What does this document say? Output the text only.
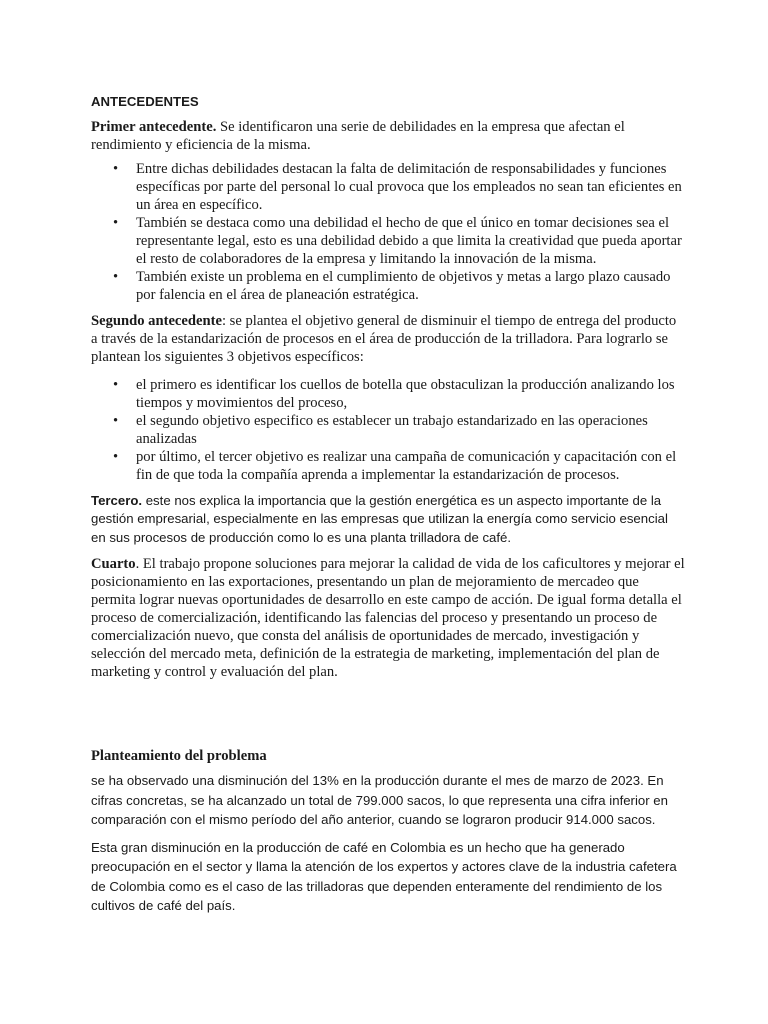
ANTECEDENTES

Primer antecedente. Se identificaron una serie de debilidades en la empresa que afectan el rendimiento y eficiencia de la misma.

• Entre dichas debilidades destacan la falta de delimitación de responsabilidades y funciones específicas por parte del personal lo cual provoca que los empleados no sean tan eficientes en un área en específico.
• También se destaca como una debilidad el hecho de que el único en tomar decisiones sea el representante legal, esto es una debilidad debido a que limita la creatividad que pueda aportar el resto de colaboradores de la empresa y limitando la innovación de la misma.
• También existe un problema en el cumplimiento de objetivos y metas a largo plazo causado por falencia en el área de planeación estratégica.

Segundo antecedente: se plantea el objetivo general de disminuir el tiempo de entrega del producto a través de la estandarización de procesos en el área de producción de la trilladora. Para lograrlo se plantean los siguientes 3 objetivos específicos:

• el primero es identificar los cuellos de botella que obstaculizan la producción analizando los tiempos y movimientos del proceso,
• el segundo objetivo especifico es establecer un trabajo estandarizado en las operaciones analizadas
• por último, el tercer objetivo es realizar una campaña de comunicación y capacitación con el fin de que toda la compañía aprenda a implementar la estandarización de procesos.

Tercero. este nos explica la importancia que la gestión energética es un aspecto importante de la gestión empresarial, especialmente en las empresas que utilizan la energía como servicio esencial en sus procesos de producción como lo es una planta trilladora de café.

Cuarto. El trabajo propone soluciones para mejorar la calidad de vida de los caficultores y mejorar el posicionamiento en las exportaciones, presentando un plan de mejoramiento de mercadeo que permita lograr nuevas oportunidades de desarrollo en este campo de acción. De igual forma detalla el proceso de comercialización, identificando las falencias del proceso y presentando un proceso de comercialización nuevo, que consta del análisis de oportunidades de mercado, investigación y selección del mercado meta, definición de la estrategia de marketing, implementación del plan de marketing y control y evaluación del plan.

Planteamiento del problema

se ha observado una disminución del 13% en la producción durante el mes de marzo de 2023. En cifras concretas, se ha alcanzado un total de 799.000 sacos, lo que representa una cifra inferior en comparación con el mismo período del año anterior, cuando se lograron producir 914.000 sacos.

Esta gran disminución en la producción de café en Colombia es un hecho que ha generado preocupación en el sector y llama la atención de los expertos y actores clave de la industria cafetera de Colombia como es el caso de las trilladoras que dependen enteramente del rendimiento de los cultivos de café del país.
